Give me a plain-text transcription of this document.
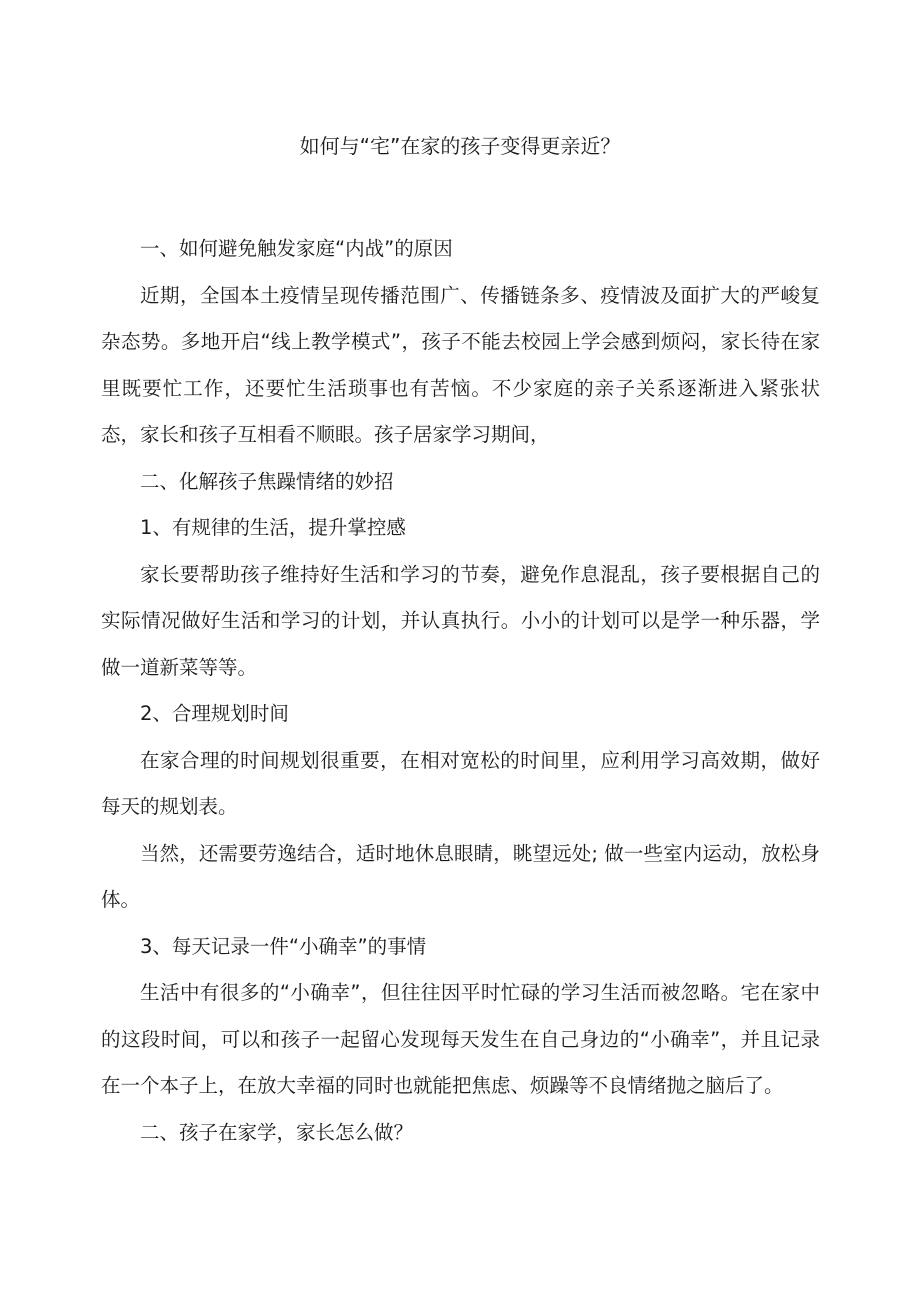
如何与“宅”在家的孩子变得更亲近？

一、如何避免触发家庭“内战”的原因

近期，全国本土疫情呈现传播范围广、传播链条多、疫情波及面扩大的严峻复杂态势。多地开启“线上教学模式”，孩子不能去校园上学会感到烦闷，家长待在家里既要忙工作，还要忙生活琐事也有苦恼。不少家庭的亲子关系逐渐进入紧张状态，家长和孩子互相看不顺眼。孩子居家学习期间，

二、化解孩子焦躁情绪的妙招

1、有规律的生活，提升掌控感

家长要帮助孩子维持好生活和学习的节奏，避免作息混乱，孩子要根据自己的实际情况做好生活和学习的计划，并认真执行。小小的计划可以是学一种乐器，学做一道新菜等等。

2、合理规划时间

在家合理的时间规划很重要，在相对宽松的时间里，应利用学习高效期，做好每天的规划表。

当然，还需要劳逸结合，适时地休息眼睛，眺望远处; 做一些室内运动，放松身体。

3、每天记录一件“小确幸”的事情

生活中有很多的“小确幸”，但往往因平时忙碌的学习生活而被忽略。宅在家中的这段时间，可以和孩子一起留心发现每天发生在自己身边的“小确幸”，并且记录在一个本子上，在放大幸福的同时也就能把焦虑、烦躁等不良情绪抛之脑后了。

二、孩子在家学，家长怎么做？
